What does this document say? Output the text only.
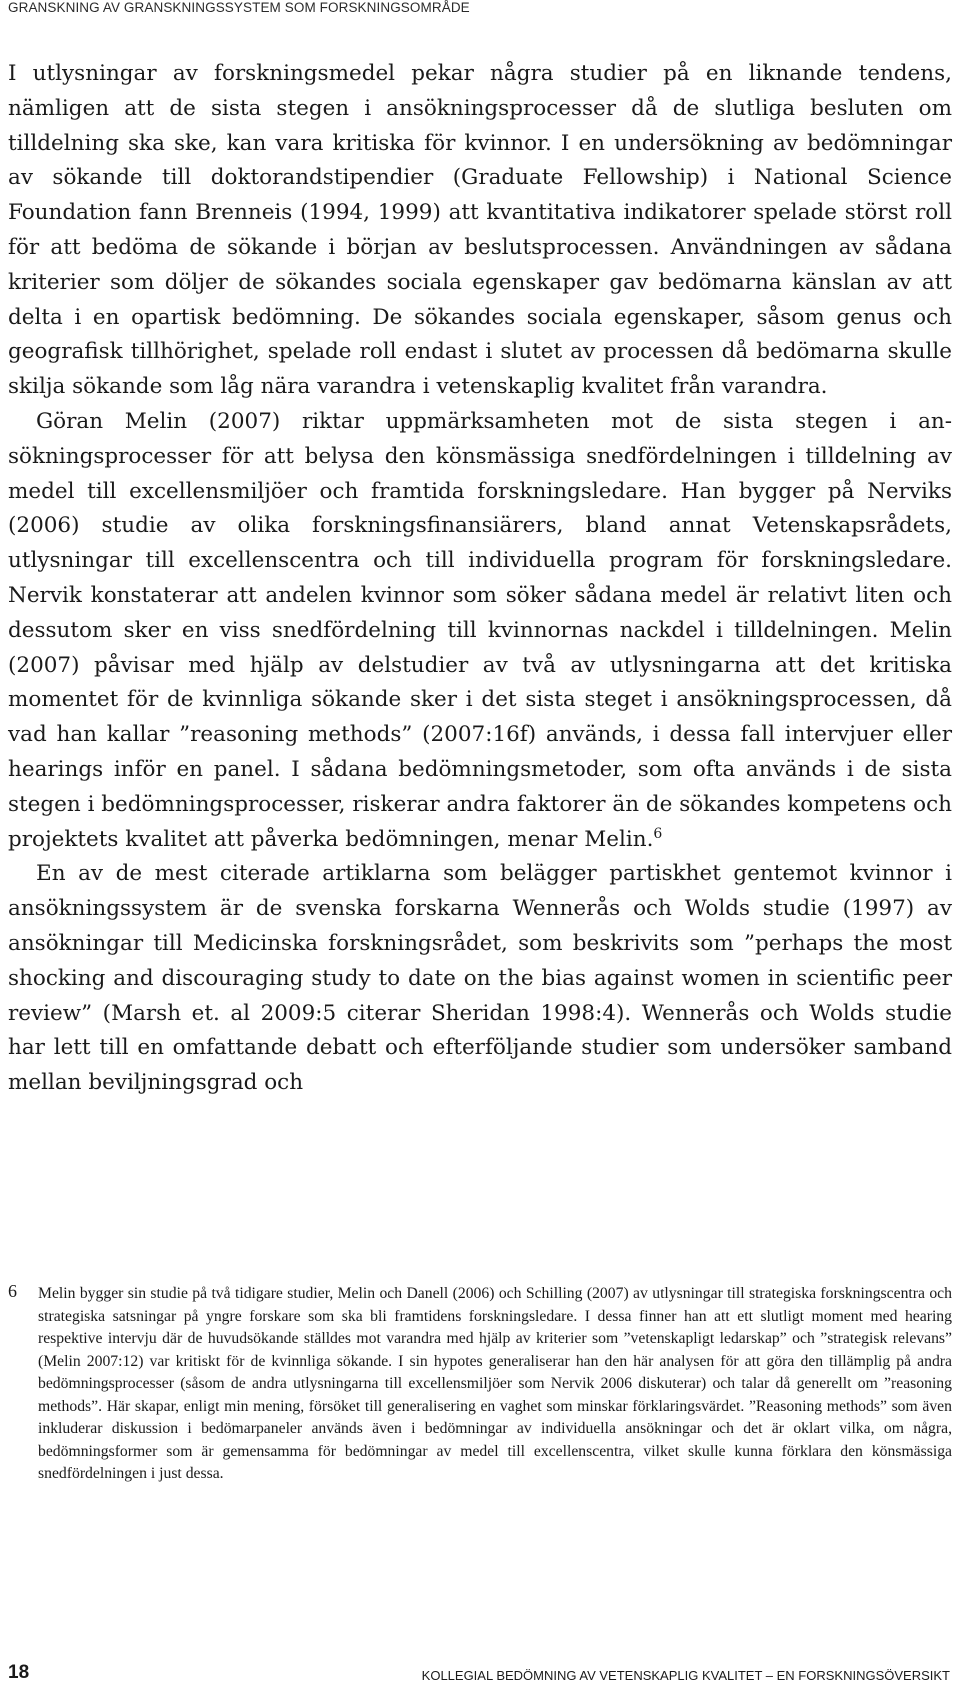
GRANSKNING AV GRANSKNINGSSYSTEM SOM FORSKNINGSOMRÅDE

I utlysningar av forskningsmedel pekar några studier på en liknande tendens, nämligen att de sista stegen i ansökningsprocesser då de slutliga besluten om tilldelning ska ske, kan vara kritiska för kvinnor. I en undersökning av bedömningar av sökande till doktorandstipendier (Graduate Fellowship) i National Science Foundation fann Brenneis (1994, 1999) att kvantitativa indikatorer spelade störst roll för att bedöma de sökande i början av beslutsprocessen. Användningen av sådana kriterier som döljer de sökandes sociala egenskaper gav bedömarna känslan av att delta i en opartisk bedömning. De sökandes sociala egenskaper, såsom genus och geografisk tillhörighet, spelade roll endast i slutet av processen då bedömarna skulle skilja sökande som låg nära varandra i vetenskaplig kvalitet från varandra.

Göran Melin (2007) riktar uppmärksamheten mot de sista stegen i ansökningsprocesser för att belysa den könsmässiga snedfördelningen i tilldelning av medel till excellensmiljöer och framtida forskningsledare. Han bygger på Nerviks (2006) studie av olika forskningsfinansiärers, bland annat Vetenskapsrådets, utlysningar till excellenscentra och till individuella program för forskningsledare. Nervik konstaterar att andelen kvinnor som söker sådana medel är relativt liten och dessutom sker en viss snedfördelning till kvinnornas nackdel i tilldelningen. Melin (2007) påvisar med hjälp av delstudier av två av utlysningarna att det kritiska momentet för de kvinnliga sökande sker i det sista steget i ansökningsprocessen, då vad han kallar ”reasoning methods” (2007:16f) används, i dessa fall intervjuer eller hearings inför en panel. I sådana bedömningsmetoder, som ofta används i de sista stegen i bedömningsprocesser, riskerar andra faktorer än de sökandes kompetens och projektets kvalitet att påverka bedömningen, menar Melin.$^6$

En av de mest citerade artiklarna som belägger partiskhet gentemot kvinnor i ansökningssystem är de svenska forskarna Wennerås och Wolds studie (1997) av ansökningar till Medicinska forskningsrådet, som beskrivits som ”perhaps the most shocking and discouraging study to date on the bias against women in scientific peer review” (Marsh et. al 2009:5 citerar Sheridan 1998:4). Wennerås och Wolds studie har lett till en omfattande debatt och efterföljande studier som undersöker samband mellan beviljningsgrad och

6 Melin bygger sin studie på två tidigare studier, Melin och Danell (2006) och Schilling (2007) av utlysningar till strategiska forskningscentra och strategiska satsningar på yngre forskare som ska bli framtidens forskningsledare. I dessa finner han att ett slutligt moment med hearing respektive intervju där de huvudsökande ställdes mot varandra med hjälp av kriterier som ”vetenskapligt ledarskap” och ”strategisk relevans” (Melin 2007:12) var kritiskt för de kvinnliga sökande. I sin hypotes generaliserar han den här analysen för att göra den tillämplig på andra bedömningsprocesser (såsom de andra utlysningarna till excellensmiljöer som Nervik 2006 diskuterar) och talar då generellt om ”reasoning methods”. Här skapar, enligt min mening, försöket till generalisering en vaghet som minskar förklaringsvärdet. ”Reasoning methods” som även inkluderar diskussion i bedömarpaneler används även i bedömningar av individuella ansökningar och det är oklart vilka, om några, bedömningsformer som är gemensamma för bedömningar av medel till excellenscentra, vilket skulle kunna förklara den könsmässiga snedfördelningen i just dessa.
18	KOLLEGIAL BEDÖMNING AV VETENSKAPLIG KVALITET – EN FORSKNINGSÖVERSIKT
